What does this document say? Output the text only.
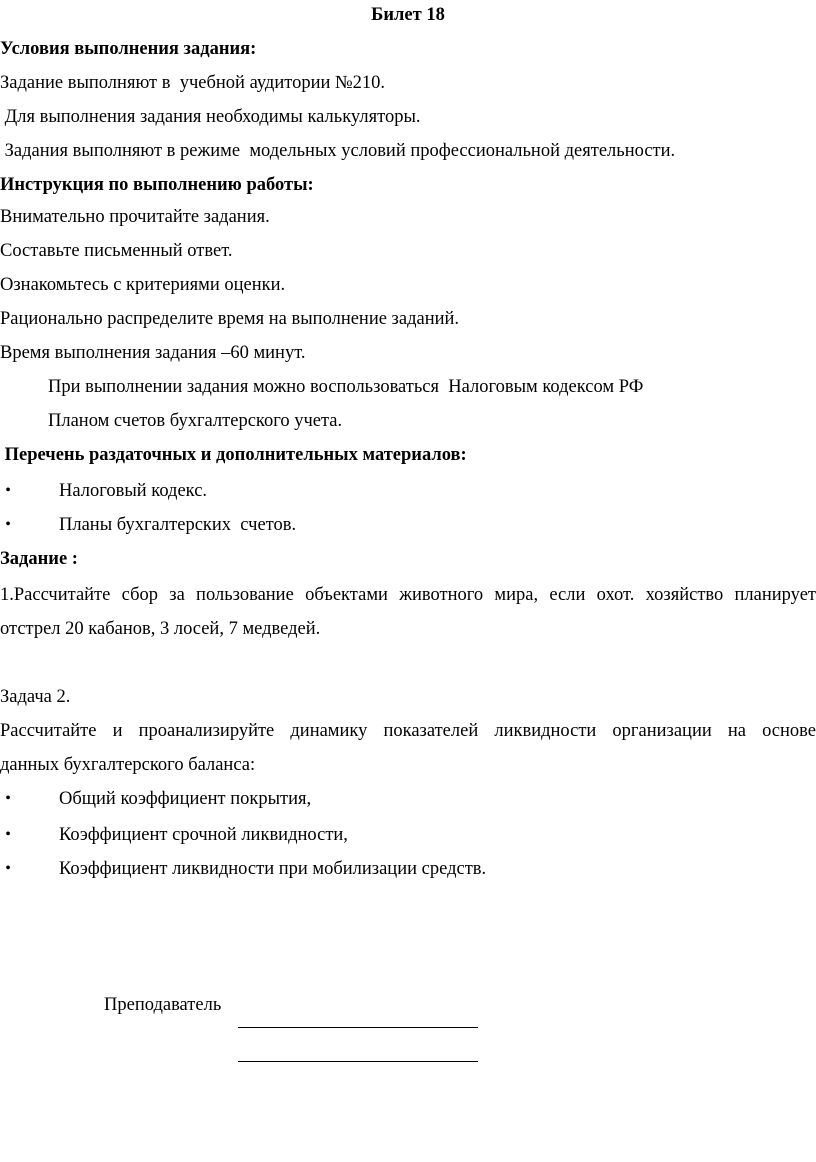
Билет 18
Условия выполнения задания:
Задание выполняют в  учебной аудитории №210.
Для выполнения задания необходимы калькуляторы.
Задания выполняют в режиме  модельных условий профессиональной деятельности.
Инструкция по выполнению работы:
Внимательно прочитайте задания.
Составьте письменный ответ.
Ознакомьтесь с критериями оценки.
Рационально распределите время на выполнение заданий.
Время выполнения задания –60 минут.
При выполнении задания можно воспользоваться  Налоговым кодексом РФ
Планом счетов бухгалтерского учета.
Перечень раздаточных и дополнительных материалов:
•	Налоговый кодекс.
•	Планы бухгалтерских  счетов.
Задание :
1.Рассчитайте сбор за пользование объектами животного мира, если охот. хозяйство планирует
отстрел 20 кабанов, 3 лосей, 7 медведей.
Задача 2.
Рассчитайте и проанализируйте динамику показателей ликвидности организации на основе
данных бухгалтерского баланса:
•	Общий коэффициент покрытия,
•	Коэффициент срочной ликвидности,
•	Коэффициент ликвидности при мобилизации средств.
Преподаватель
